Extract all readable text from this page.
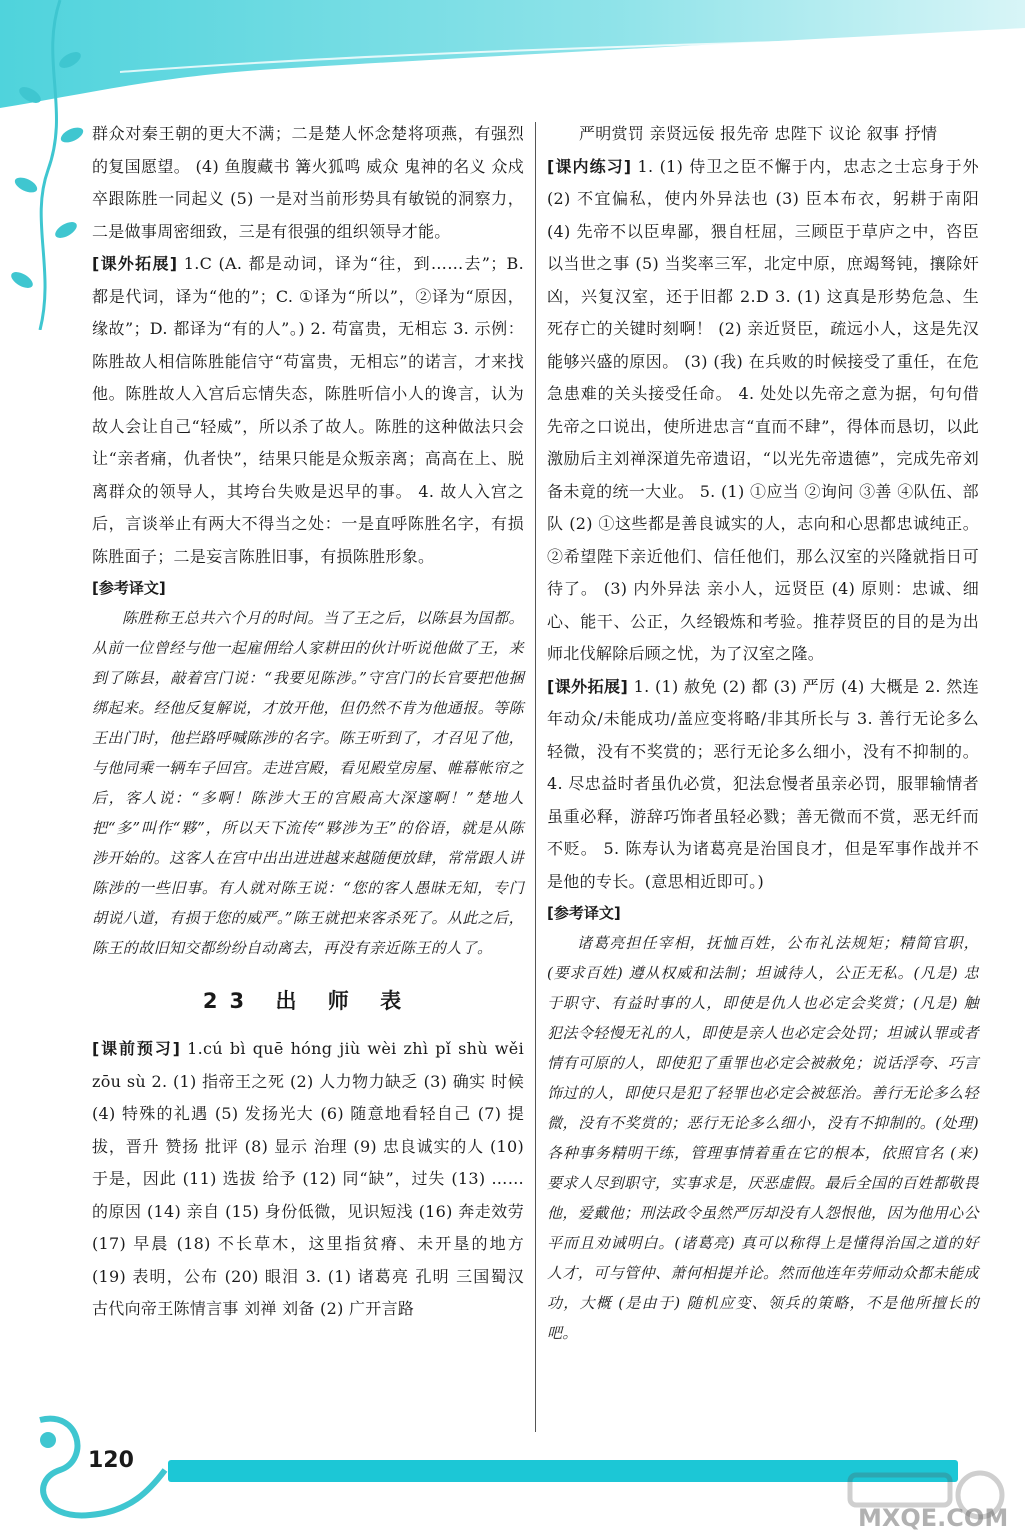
群众对秦王朝的更大不满；二是楚人怀念楚将项燕，有强烈的复国愿望。 (4) 鱼腹藏书 篝火狐鸣 威众 鬼神的名义 众戍卒跟陈胜一同起义 (5) 一是对当前形势具有敏锐的洞察力，二是做事周密细致，三是有很强的组织领导才能。

[课外拓展] 1.C (A. 都是动词，译为“往，到……去”；B. 都是代词，译为“他的”；C. ①译为“所以”，②译为“原因，缘故”；D. 都译为“有的人”。) 2. 苟富贵，无相忘 3. 示例：陈胜故人相信陈胜能信守“苟富贵，无相忘”的诺言，才来找他。陈胜故人入宫后忘情失态，陈胜听信小人的谗言，认为故人会让自己“轻威”，所以杀了故人。陈胜的这种做法只会让“亲者痛，仇者快”，结果只能是众叛亲离；高高在上、脱离群众的领导人，其垮台失败是迟早的事。 4. 故人入宫之后，言谈举止有两大不得当之处：一是直呼陈胜名字，有损陈胜面子；二是妄言陈胜旧事，有损陈胜形象。

[参考译文]

陈胜称王总共六个月的时间。当了王之后，以陈县为国都。从前一位曾经与他一起雇佣给人家耕田的伙计听说他做了王，来到了陈县，敲着宫门说：“我要见陈涉。”守宫门的长官要把他捆绑起来。经他反复解说，才放开他，但仍然不肯为他通报。等陈王出门时，他拦路呼喊陈涉的名字。陈王听到了，才召见了他，与他同乘一辆车子回宫。走进宫殿，看见殿堂房屋、帷幕帐帘之后，客人说：“多啊！陈涉大王的宫殿高大深邃啊！”楚地人把“多”叫作“夥”，所以天下流传“夥涉为王”的俗语，就是从陈涉开始的。这客人在宫中出出进进越来越随便放肆，常常跟人讲陈涉的一些旧事。有人就对陈王说：“您的客人愚昧无知，专门胡说八道，有损于您的威严。”陈王就把来客杀死了。从此之后，陈王的故旧知交都纷纷自动离去，再没有亲近陈王的人了。

23 出 师 表

[课前预习] 1.cú bì quē hóng jiù wèi zhì pǐ shù wěi zōu sù 2. (1) 指帝王之死 (2) 人力物力缺乏 (3) 确实 时候 (4) 特殊的礼遇 (5) 发扬光大 (6) 随意地看轻自己 (7) 提拔，晋升 赞扬 批评 (8) 显示 治理 (9) 忠良诚实的人 (10) 于是，因此 (11) 选拔 给予 (12) 同“缺”，过失 (13) ……的原因 (14) 亲自 (15) 身份低微，见识短浅 (16) 奔走效劳 (17) 早晨 (18) 不长草木，这里指贫瘠、未开垦的地方 (19) 表明，公布 (20) 眼泪 3. (1) 诸葛亮 孔明 三国蜀汉 古代向帝王陈情言事 刘禅 刘备 (2) 广开言路

严明赏罚 亲贤远佞 报先帝 忠陛下 议论 叙事 抒情

[课内练习] 1. (1) 侍卫之臣不懈于内，忠志之士忘身于外 (2) 不宜偏私，使内外异法也 (3) 臣本布衣，躬耕于南阳 (4) 先帝不以臣卑鄙，猥自枉屈，三顾臣于草庐之中，咨臣以当世之事 (5) 当奖率三军，北定中原，庶竭驽钝，攘除奸凶，兴复汉室，还于旧都 2.D 3. (1) 这真是形势危急、生死存亡的关键时刻啊！ (2) 亲近贤臣，疏远小人，这是先汉能够兴盛的原因。 (3) (我) 在兵败的时候接受了重任，在危急患难的关头接受任命。 4. 处处以先帝之意为据，句句借先帝之口说出，使所进忠言“直而不肆”，得体而恳切，以此激励后主刘禅深道先帝遗诏，“以光先帝遗德”，完成先帝刘备未竟的统一大业。 5. (1) ①应当 ②询问 ③善 ④队伍、部队 (2) ①这些都是善良诚实的人，志向和心思都忠诚纯正。 ②希望陛下亲近他们、信任他们，那么汉室的兴隆就指日可待了。 (3) 内外异法 亲小人，远贤臣 (4) 原则：忠诚、细心、能干、公正，久经锻炼和考验。推荐贤臣的目的是为出师北伐解除后顾之忧，为了汉室之隆。

[课外拓展] 1. (1) 赦免 (2) 都 (3) 严厉 (4) 大概是 2. 然连年动众/未能成功/盖应变将略/非其所长与 3. 善行无论多么轻微，没有不奖赏的；恶行无论多么细小，没有不抑制的。 4. 尽忠益时者虽仇必赏，犯法怠慢者虽亲必罚，服罪输情者虽重必释，游辞巧饰者虽轻必戮；善无微而不赏，恶无纤而不贬。 5. 陈寿认为诸葛亮是治国良才，但是军事作战并不是他的专长。(意思相近即可。)

[参考译文]

诸葛亮担任宰相，抚恤百姓，公布礼法规矩；精简官职，(要求百姓) 遵从权威和法制；坦诚待人，公正无私。(凡是) 忠于职守、有益时事的人，即使是仇人也必定会奖赏；(凡是) 触犯法令轻慢无礼的人，即使是亲人也必定会处罚；坦诚认罪或者情有可原的人，即使犯了重罪也必定会被赦免；说话浮夸、巧言饰过的人，即使只是犯了轻罪也必定会被惩治。善行无论多么轻微，没有不奖赏的；恶行无论多么细小，没有不抑制的。(处理) 各种事务精明干练，管理事情着重在它的根本，依照官名 (来) 要求人尽到职守，实事求是，厌恶虚假。最后全国的百姓都敬畏他，爱戴他；刑法政令虽然严厉却没有人怨恨他，因为他用心公平而且劝诫明白。(诸葛亮) 真可以称得上是懂得治国之道的好人才，可与管仲、萧何相提并论。然而他连年劳师动众都未能成功，大概 (是由于) 随机应变、领兵的策略，不是他所擅长的吧。

120
MXQE.COM
